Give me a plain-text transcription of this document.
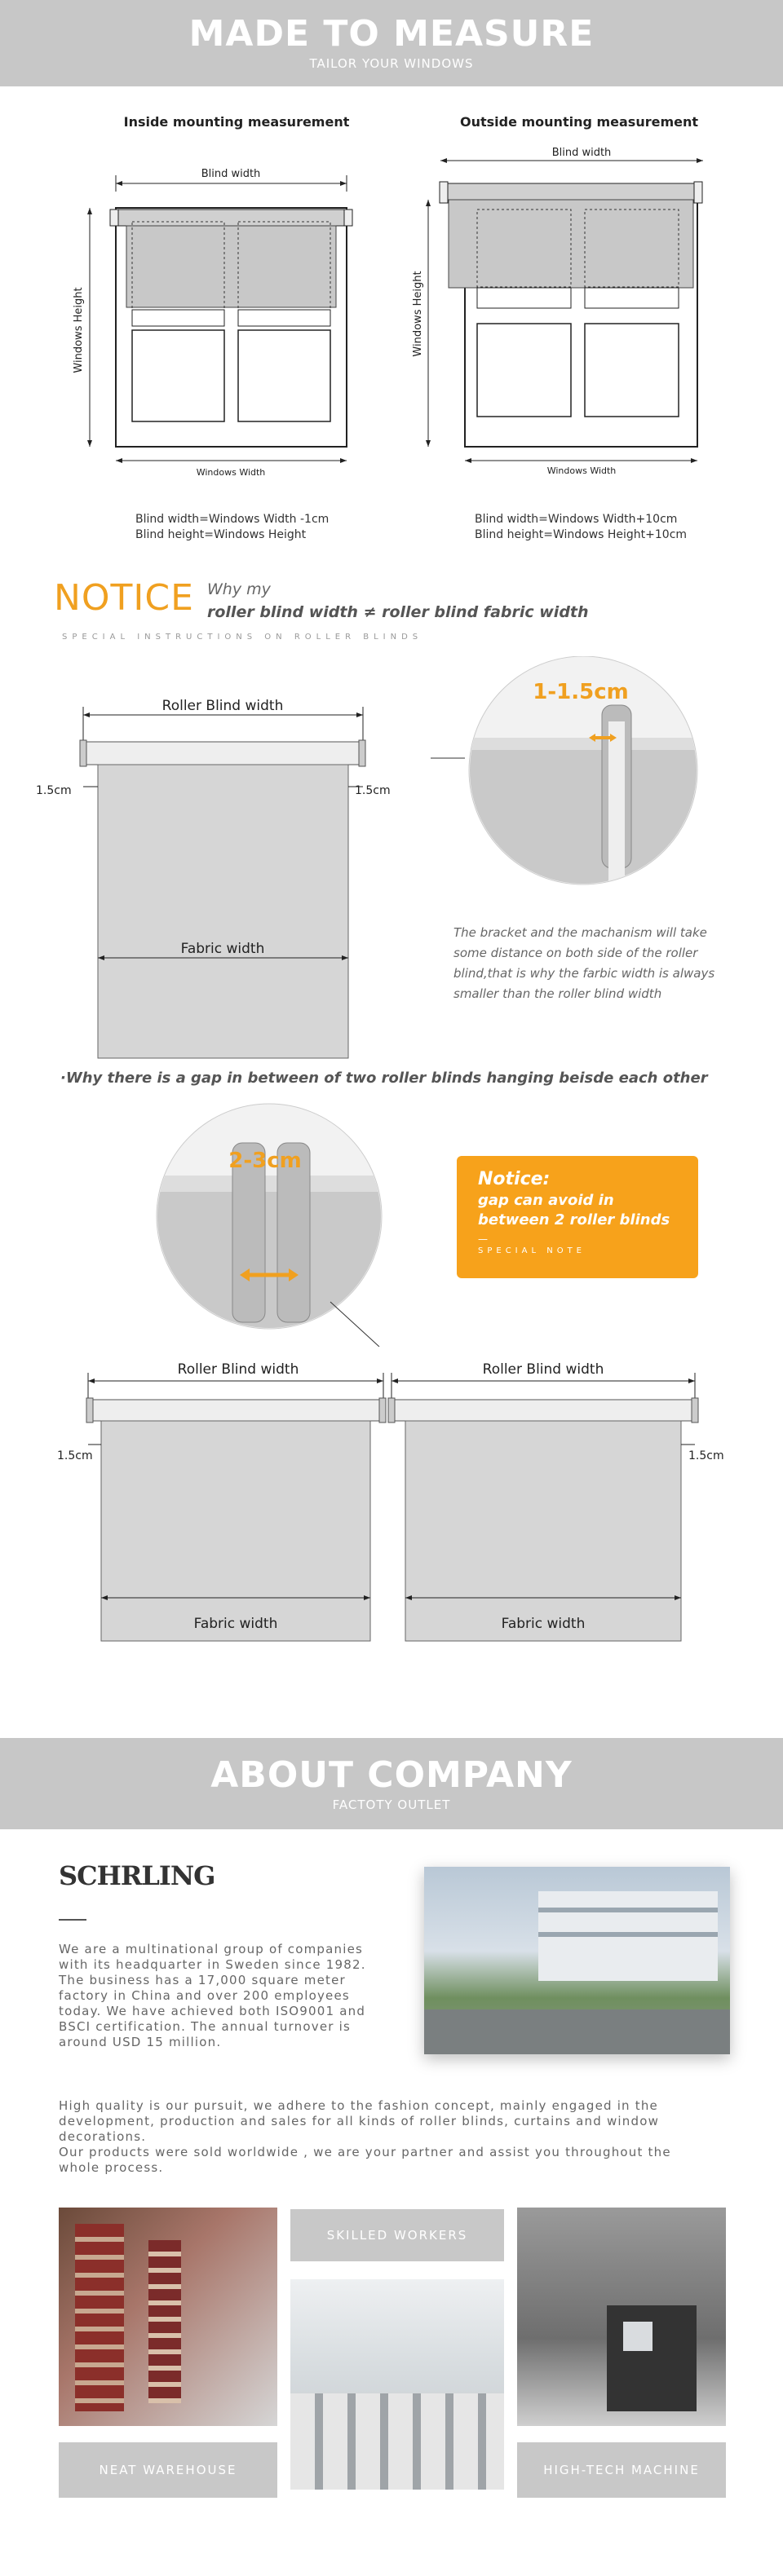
MADE TO MEASURE
TAILOR YOUR WINDOWS
Inside mounting measurement
Blind width
Windows Height
Windows Width
Blind width=Windows Width -1cm
Blind height=Windows Height
Outside mounting measurement
Blind width
Windows Height
Windows Width
Blind width=Windows Width+10cm
Blind height=Windows Height+10cm
NOTICE Why my
roller blind width ≠ roller blind fabric width
SPECIAL INSTRUCTIONS ON ROLLER BLINDS
Roller Blind width
1.5cm	1.5cm
Fabric width
1-1.5cm
The bracket and the machanism will take some distance on both side of the roller blind,that is why the farbic width is always smaller than the roller blind width
·Why there is a gap in between of two roller blinds hanging beisde each other
2-3cm
Notice:
gap can avoid in between 2 roller blinds
—
SPECIAL NOTE
Roller Blind width
1.5cm
Fabric width
Roller Blind width
1.5cm
Fabric width
ABOUT COMPANY
FACTOTY OUTLET
SCHRLING
We are a multinational group of companies with its headquarter in Sweden since 1982. The business has a 17,000 square meter factory in China and over 200 employees today. We have achieved both ISO9001 and BSCI certification. The annual turnover is around USD 15 million.
High quality is our pursuit, we adhere to the fashion concept, mainly engaged in the development, production and sales for all kinds of roller blinds, curtains and window decorations.
Our products were sold worldwide , we are your partner and assist you throughout the whole process.
SKILLED WORKERS
NEAT WAREHOUSE	HIGH-TECH MACHINE
